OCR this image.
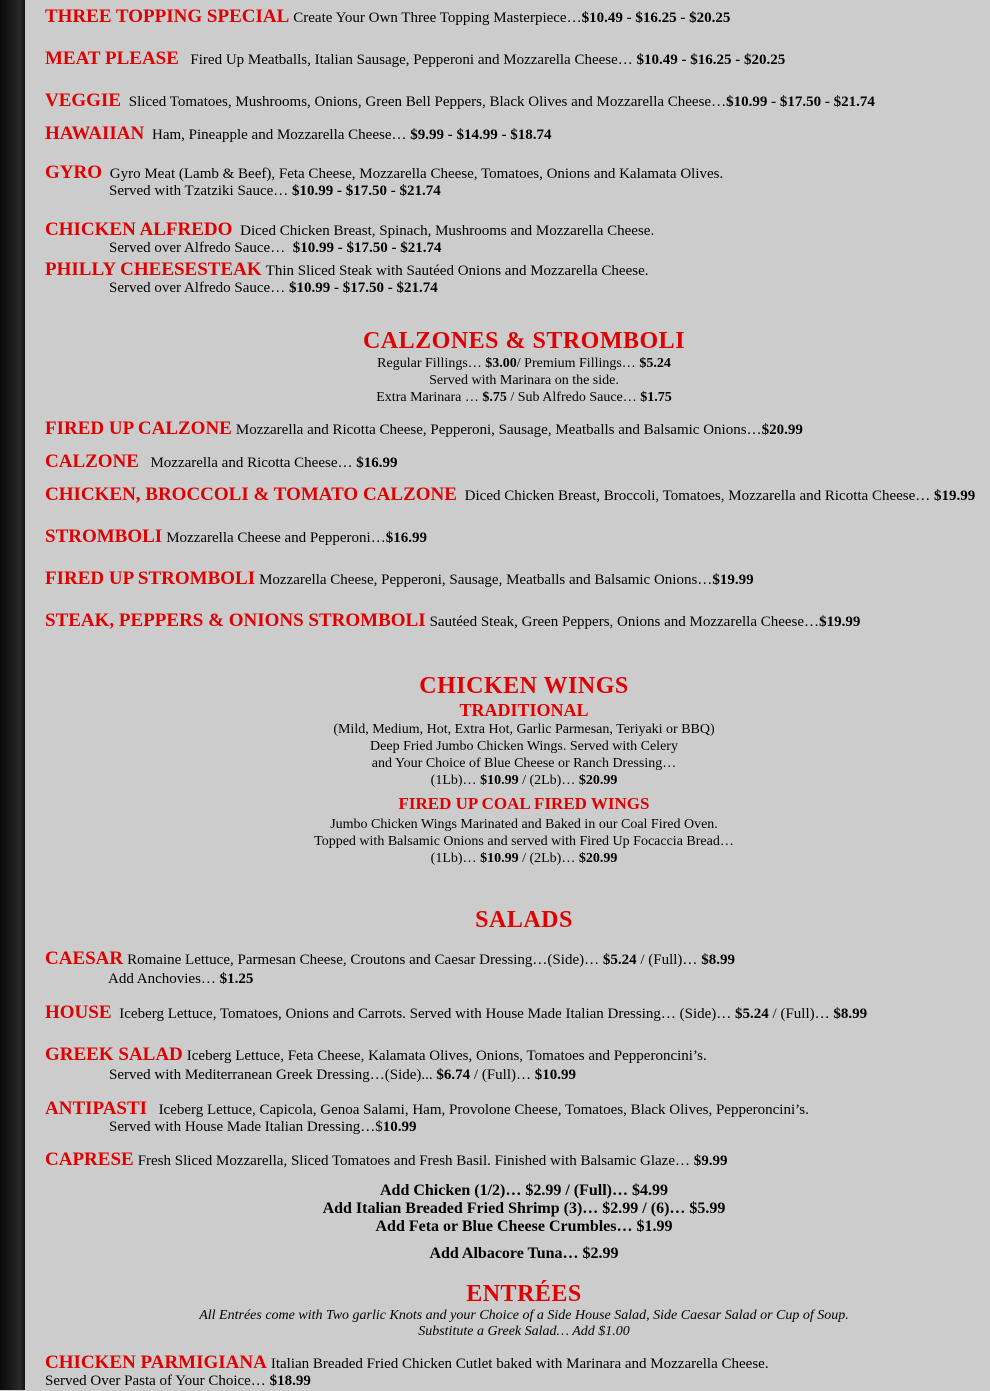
THREE TOPPING SPECIAL Create Your Own Three Topping Masterpiece…$10.49 - $16.25 - $20.25
MEAT PLEASE Fired Up Meatballs, Italian Sausage, Pepperoni and Mozzarella Cheese… $10.49 - $16.25 - $20.25
VEGGIE Sliced Tomatoes, Mushrooms, Onions, Green Bell Peppers, Black Olives and Mozzarella Cheese…$10.99 - $17.50 - $21.74
HAWAIIAN Ham, Pineapple and Mozzarella Cheese… $9.99 - $14.99 - $18.74
GYRO Gyro Meat (Lamb & Beef), Feta Cheese, Mozzarella Cheese, Tomatoes, Onions and Kalamata Olives.
Served with Tzatziki Sauce… $10.99 - $17.50 - $21.74
CHICKEN ALFREDO Diced Chicken Breast, Spinach, Mushrooms and Mozzarella Cheese.
Served over Alfredo Sauce… $10.99 - $17.50 - $21.74
PHILLY CHEESESTEAK Thin Sliced Steak with Sautéed Onions and Mozzarella Cheese.
Served over Alfredo Sauce… $10.99 - $17.50 - $21.74
CALZONES & STROMBOLI
Regular Fillings… $3.00/ Premium Fillings… $5.24
Served with Marinara on the side.
Extra Marinara … $.75 / Sub Alfredo Sauce… $1.75
FIRED UP CALZONE Mozzarella and Ricotta Cheese, Pepperoni, Sausage, Meatballs and Balsamic Onions…$20.99
CALZONE Mozzarella and Ricotta Cheese… $16.99
CHICKEN, BROCCOLI & TOMATO CALZONE Diced Chicken Breast, Broccoli, Tomatoes, Mozzarella and Ricotta Cheese… $19.99
STROMBOLI Mozzarella Cheese and Pepperoni…$16.99
FIRED UP STROMBOLI Mozzarella Cheese, Pepperoni, Sausage, Meatballs and Balsamic Onions…$19.99
STEAK, PEPPERS & ONIONS STROMBOLI Sautéed Steak, Green Peppers, Onions and Mozzarella Cheese…$19.99
CHICKEN WINGS
TRADITIONAL
(Mild, Medium, Hot, Extra Hot, Garlic Parmesan, Teriyaki or BBQ)
Deep Fried Jumbo Chicken Wings. Served with Celery
and Your Choice of Blue Cheese or Ranch Dressing…
(1Lb)… $10.99 / (2Lb)… $20.99
FIRED UP COAL FIRED WINGS
Jumbo Chicken Wings Marinated and Baked in our Coal Fired Oven.
Topped with Balsamic Onions and served with Fired Up Focaccia Bread…
(1Lb)… $10.99 / (2Lb)… $20.99
SALADS
CAESAR Romaine Lettuce, Parmesan Cheese, Croutons and Caesar Dressing…(Side)… $5.24 / (Full)… $8.99
Add Anchovies… $1.25
HOUSE Iceberg Lettuce, Tomatoes, Onions and Carrots. Served with House Made Italian Dressing… (Side)… $5.24 / (Full)… $8.99
GREEK SALAD Iceberg Lettuce, Feta Cheese, Kalamata Olives, Onions, Tomatoes and Pepperoncini’s.
Served with Mediterranean Greek Dressing…(Side)... $6.74 / (Full)… $10.99
ANTIPASTI Iceberg Lettuce, Capicola, Genoa Salami, Ham, Provolone Cheese, Tomatoes, Black Olives, Pepperoncini’s.
Served with House Made Italian Dressing…$10.99
CAPRESE Fresh Sliced Mozzarella, Sliced Tomatoes and Fresh Basil. Finished with Balsamic Glaze… $9.99
Add Chicken (1/2)… $2.99 / (Full)… $4.99
Add Italian Breaded Fried Shrimp (3)… $2.99 / (6)… $5.99
Add Feta or Blue Cheese Crumbles… $1.99
Add Albacore Tuna… $2.99
ENTRÉES
All Entrées come with Two garlic Knots and your Choice of a Side House Salad, Side Caesar Salad or Cup of Soup.
Substitute a Greek Salad… Add $1.00
CHICKEN PARMIGIANA Italian Breaded Fried Chicken Cutlet baked with Marinara and Mozzarella Cheese.
Served Over Pasta of Your Choice… $18.99
